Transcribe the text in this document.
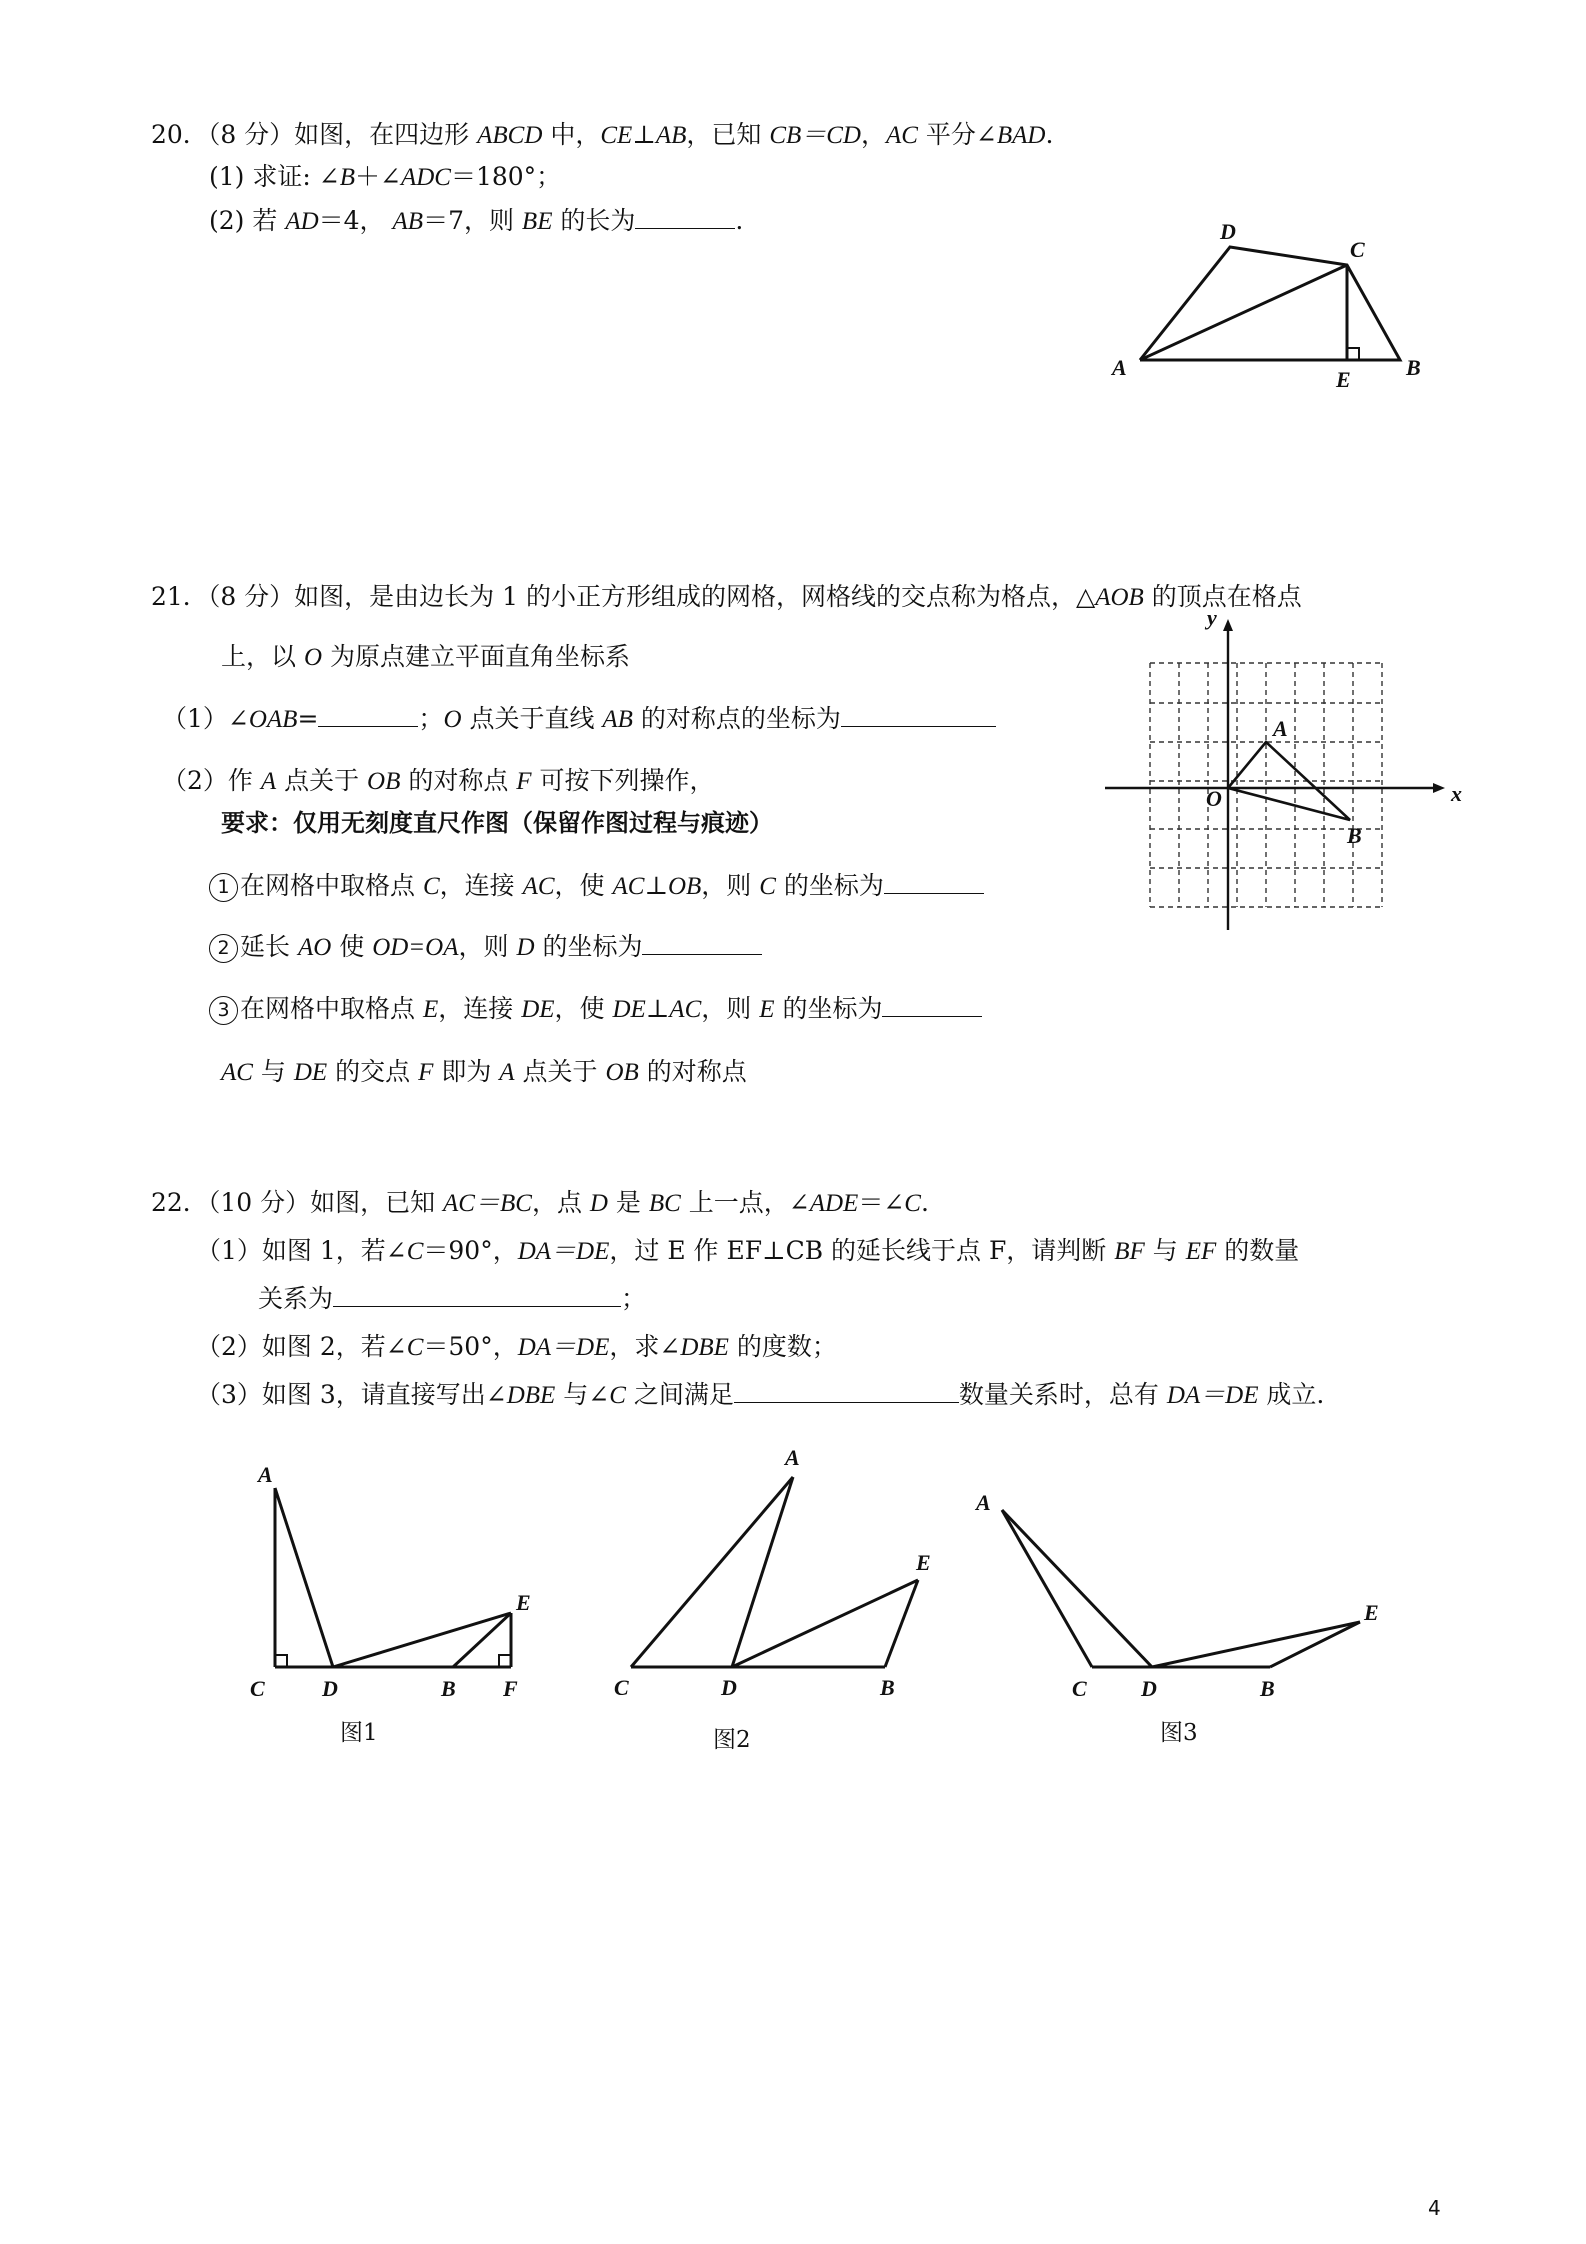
20．（8 分）如图，在四边形 ABCD 中，CE⊥AB，已知 CB＝CD，AC 平分∠BAD.
(1) 求证: ∠B＋∠ADC＝180°；
(2) 若 AD＝4， AB＝7，则 BE 的长为	.
A
D
C
E	B
21．（8 分）如图，是由边长为 1 的小正方形组成的网格，网格线的交点称为格点，△AOB 的顶点在格点
上，以 O 为原点建立平面直角坐标系
（1）∠OAB=	；O 点关于直线 AB 的对称点的坐标为
（2）作 A 点关于 OB 的对称点 F 可按下列操作，
要求：仅用无刻度直尺作图（保留作图过程与痕迹）
1 在网格中取格点 C，连接 AC，使 AC⊥OB，则 C 的坐标为
2 延长 AO 使 OD=OA，则 D 的坐标为
3 在网格中取格点 E，连接 DE，使 DE⊥AC，则 E 的坐标为
AC 与 DE 的交点 F 即为 A 点关于 OB 的对称点
y
x
O
A
B
22．（10 分）如图，已知 AC＝BC，点 D 是 BC 上一点，∠ADE＝∠C.
（1）如图 1，若∠C＝90°，DA＝DE，过 E 作 EF⊥CB 的延长线于点 F，请判断 BF 与 EF 的数量
关系为	；
（2）如图 2，若∠C＝50°，DA＝DE，求∠DBE 的度数；
（3）如图 3，请直接写出∠DBE 与∠C 之间满足	数量关系时，总有 DA＝DE 成立.
A
E
C	D	B F
图1
A
E
C	D	B
图2
A
E
C D	B
图3
4
